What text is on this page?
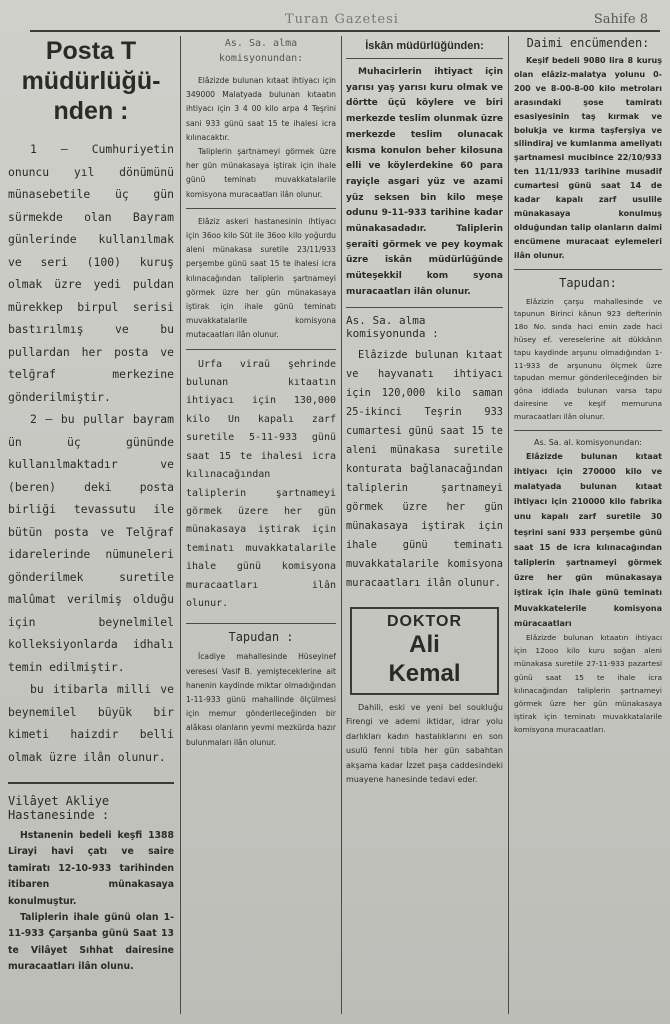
Turan Gazetesi	Sahife 8
Posta T
müdürlüğü-
nden :

1 — Cumhuriyetin onuncu yıl dönümünü münasebetile üç gün sürmekde olan Bayram günlerinde kullanılmak ve seri (100) kuruş olmak üzre yedi puldan mürekkep birpul serisi bastırılmış ve bu pullardan her posta ve telğraf merkezine gönderilmiştir.

2 — bu pullar bayram ün üç gününde kullanılmaktadır ve (beren) deki posta birliği tevassutu ile bütün posta ve Telğraf idarelerinde nümuneleri gönderilmek suretile malûmat verilmiş olduğu için beynelmilel kolleksiyonlarda idhalı temin edilmiştir.

bu itibarla milli ve beynemilel büyük bir kimeti haizdir belli olmak üzre ilân olunur.

Vilâyet Akliye Hastanesinde :

Hstanenin bedeli keşfi 1388 Lirayi havi çatı ve saire tamiratı 12-10-933 tarihinden itibaren münakasaya konulmuştur.

Taliplerin ihale günü olan 1-11-933 Çarşanba günü Saat 13 te Vilâyet Sıhhat dairesine muracaatları ilân olunu.

As. Sa. alma komisyonundan:

Elâzizde bulunan kıtaat ihtiyacı için 349000 Malatyada bulunan kıtaatın ihtiyacı için 3 4 00 kilo arpa 4 Teşrini sani 933 günü saat 15 te ihalesi icra kılınacaktır.

Taliplerin şartnameyi görmek üzre her gün münakasaya iştirak için ihale günü teminatı muvakkatalarile komisyona muracaatları ilân olunur.

Elâziz askeri hastanesinin ihtiyacı için 36oo kilo Süt ile 36oo kilo yoğurdu aleni münakasa suretile 23/11/933 perşembe günü saat 15 te ihalesi icra kılınacağından taliplerin şartnameyi görmek üzre her gün münakasaya iştirak için ihale günü teminatı muvakkatalarile komisyona mutacaatları ilân olunur.

Urfa viraü şehrinde bulunan kıtaatın ihtiyacı için 130,000 kilo Un kapalı zarf suretile 5-11-933 günü saat 15 te ihalesi icra kılınacağından taliplerin şartnameyi görmek üzere her gün münakasaya iştirak için teminatı muvakkatalarile ihale günü komisyona muracaatları ilân olunur.

Tapudan :

İcadiye mahallesinde Hüseyinef veresesi Vasif B. yemişteceklerine ait hanenin kaydinde miktar olmadığından 1-11-933 günü mahallinde ölçülmesi için memur gönderileceğinden bir alâkası olanların yevmi mezkürda hazır bulunmaları ilân olunur.

İskân müdürlüğünden:

Muhacirlerin ihtiyact için yarısı yaş yarısı kuru olmak ve dörtte üçü köylere ve biri merkezde teslim olunmak üzre merkezde teslim olunacak kısma konulon beher kilosuna elli ve köylerdekine 60 para rayiçle asgari yüz ve azami yüz seksen bin kilo meşe odunu 9-11-933 tarihine kadar münakasadadır. Taliplerin şeraiti görmek ve pey koymak üzre iskân müdürlüğünde müteşekkil kom syona muracaatları ilân olunur.

As. Sa. alma komisyonunda :

Elâzizde bulunan kıtaat ve hayvanatı ihtiyacı için 120,000 kilo saman 25-ikinci Teşrin 933 cumartesi günü saat 15 te aleni münakasa suretile konturata bağlanacağından taliplerin şartnameyi görmek üzre her gün münakasaya iştirak için ihale günü teminatı muvakkatalarile komisyona muracaatları ilân olunur.

DOKTOR
Ali
Kemal

Dahili, eski ve yeni bel soukluğu Firengi ve ademi iktidar, idrar yolu darlıkları kadın hastalıklarını en son usulü fenni tıbla her gün sabahtan akşama kadar İzzet paşa caddesindeki muayene hanesinde tedavi eder.

Daimi encümenden:

Keşif bedeli 9080 lira 8 kuruş olan elâziz-malatya yolunu 0-200 ve 8-00-8-00 kilo metroları arasındaki şose tamiratı esasiyesinin taş kırmak ve bolukja ve kırma taşferşiya ve silindiraj ve kumlanma ameliyatı şartnamesi mucibince 22/10/933 ten 11/11/933 tarihine musadif cumartesi günü saat 14 de kadar kapalı zarf usulile münakasaya konulmuş olduğundan talip olanların daimi encümene muracaat eylemeleri ilân olunur.

Tapudan:

Elâzizin çarşu mahallesinde ve tapunun Birinci kânun 923 defterinin 18o No. sında haci emin zade haci hüsey ef. vereselerine ait dükkânın tapu kaydinde arşunu olmadığından 1-11-933 de arşununu ölçmek üzre tapudan memur gönderileceğinden bir göna iddiada bulunan varsa tapu dairesine ve keşif memuruna muracaatları ilân olunur.

As. Sa. al. komisyonundan:

Elâzizde bulunan kıtaat ihtiyacı için 270000 kilo ve malatyada bulunan kıtaat ihtiyacı için 210000 kilo fabrika unu kapalı zarf suretile 30 teşrini sani 933 perşembe günü saat 15 de icra kılınacağından taliplerin şartnameyi görmek üzre her gün münakasaya iştirak için ihale günü teminatı Muvakkatelerile komisyona müracaatları

Elâzizde bulunan kıtaatın ihtiyacı için 12ooo kilo kuru soğan aleni münakasa suretile 27-11-933 pazartesi günü saat 15 te ihale icra kılınacağından taliplerin şartnameyi görmek üzre her gün münakasaya iştirak için teminatı muvakkatalarile komisyona muracaatları.
